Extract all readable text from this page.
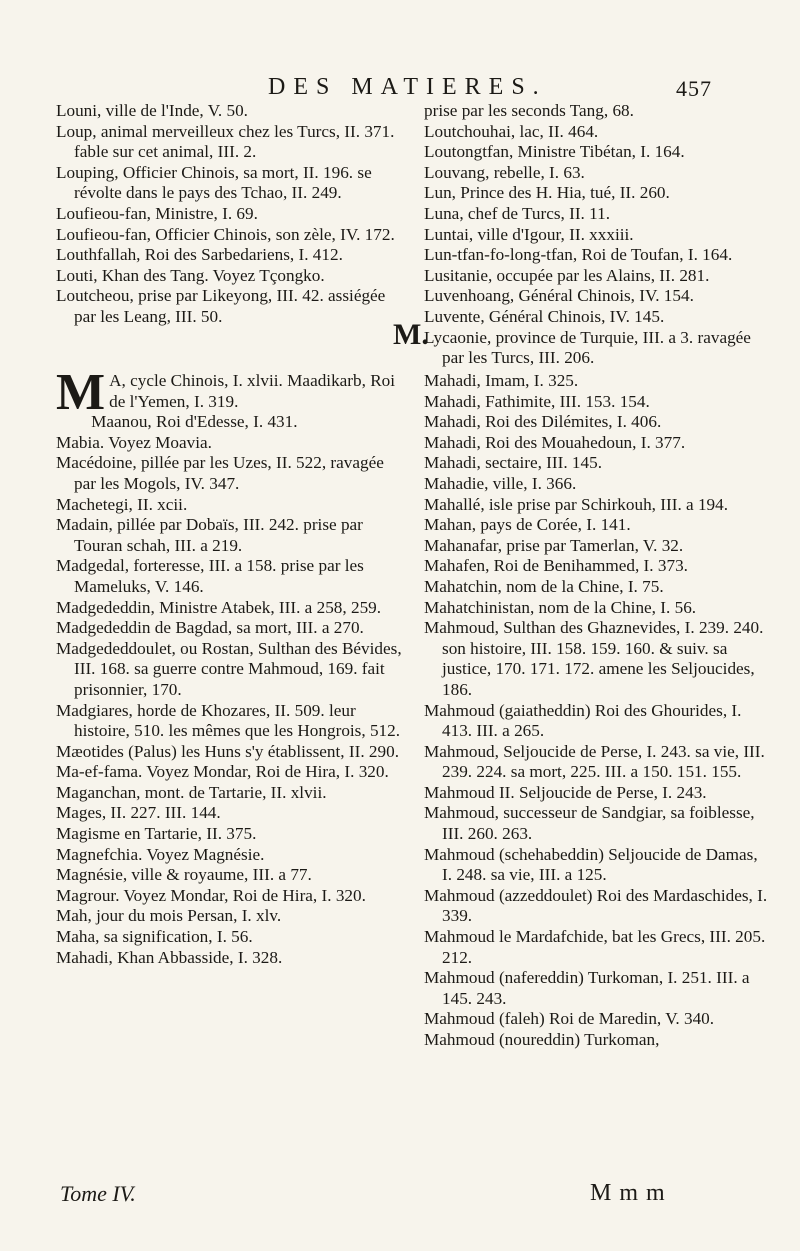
DES MATIERES.	457

Louni, ville de l'Inde, V. 50.

Loup, animal merveilleux chez les Turcs, II. 371. fable sur cet animal, III. 2.

Louping, Officier Chinois, sa mort, II. 196. se révolte dans le pays des Tchao, II. 249.

Loufieou-fan, Ministre, I. 69.

Loufieou-fan, Officier Chinois, son zèle, IV. 172.

Louthfallah, Roi des Sarbedariens, I. 412.

Louti, Khan des Tang. Voyez Tçongko.

Loutcheou, prise par Likeyong, III. 42. assiégée par les Leang, III. 50.

prise par les seconds Tang, 68.

Loutchouhai, lac, II. 464.

Loutongtfan, Ministre Tibétan, I. 164.

Louvang, rebelle, I. 63.

Lun, Prince des H. Hia, tué, II. 260.

Luna, chef de Turcs, II. 11.

Luntai, ville d'Igour, II. xxxiii.

Lun-tfan-fo-long-tfan, Roi de Toufan, I. 164.

Lusitanie, occupée par les Alains, II. 281.

Luvenhoang, Général Chinois, IV. 154.

Luvente, Général Chinois, IV. 145.

Lycaonie, province de Turquie, III. a 3. ravagée par les Turcs, III. 206.

M.

M A, cycle Chinois, I. xlvii. Maadikarb, Roi de l'Yemen, I. 319.

Maanou, Roi d'Edesse, I. 431.

Mabia. Voyez Moavia.

Macédoine, pillée par les Uzes, II. 522, ravagée par les Mogols, IV. 347.

Machetegi, II. xcii.

Madain, pillée par Dobaïs, III. 242. prise par Touran schah, III. a 219.

Madgedal, forteresse, III. a 158. prise par les Mameluks, V. 146.

Madgededdin, Ministre Atabek, III. a 258, 259.

Madgededdin de Bagdad, sa mort, III. a 270.

Madgededdoulet, ou Rostan, Sulthan des Bévides, III. 168. sa guerre contre Mahmoud, 169. fait prisonnier, 170.

Madgiares, horde de Khozares, II. 509. leur histoire, 510. les mêmes que les Hongrois, 512.

Mæotides (Palus) les Huns s'y établissent, II. 290.

Ma-ef-fama. Voyez Mondar, Roi de Hira, I. 320.

Maganchan, mont. de Tartarie, II. xlvii.

Mages, II. 227. III. 144.

Magisme en Tartarie, II. 375.

Magnefchia. Voyez Magnésie.

Magnésie, ville & royaume, III. a 77.

Magrour. Voyez Mondar, Roi de Hira, I. 320.

Mah, jour du mois Persan, I. xlv.

Maha, sa signification, I. 56.

Mahadi, Khan Abbasside, I. 328.

Mahadi, Imam, I. 325.

Mahadi, Fathimite, III. 153. 154.

Mahadi, Roi des Dilémites, I. 406.

Mahadi, Roi des Mouahedoun, I. 377.

Mahadi, sectaire, III. 145.

Mahadie, ville, I. 366.

Mahallé, isle prise par Schirkouh, III. a 194.

Mahan, pays de Corée, I. 141.

Mahanafar, prise par Tamerlan, V. 32.

Mahafen, Roi de Benihammed, I. 373.

Mahatchin, nom de la Chine, I. 75.

Mahatchinistan, nom de la Chine, I. 56.

Mahmoud, Sulthan des Ghaznevides, I. 239. 240. son histoire, III. 158. 159. 160. & suiv. sa justice, 170. 171. 172. amene les Seljoucides, 186.

Mahmoud (gaiatheddin) Roi des Ghourides, I. 413. III. a 265.

Mahmoud, Seljoucide de Perse, I. 243. sa vie, III. 239. 224. sa mort, 225. III. a 150. 151. 155.

Mahmoud II. Seljoucide de Perse, I. 243.

Mahmoud, successeur de Sandgiar, sa foiblesse, III. 260. 263.

Mahmoud (schehabeddin) Seljoucide de Damas, I. 248. sa vie, III. a 125.

Mahmoud (azzeddoulet) Roi des Mardaschides, I. 339.

Mahmoud le Mardafchide, bat les Grecs, III. 205. 212.

Mahmoud (nafereddin) Turkoman, I. 251. III. a 145. 243.

Mahmoud (faleh) Roi de Maredin, V. 340.

Mahmoud (noureddin) Turkoman,

Tome IV.	M m m
